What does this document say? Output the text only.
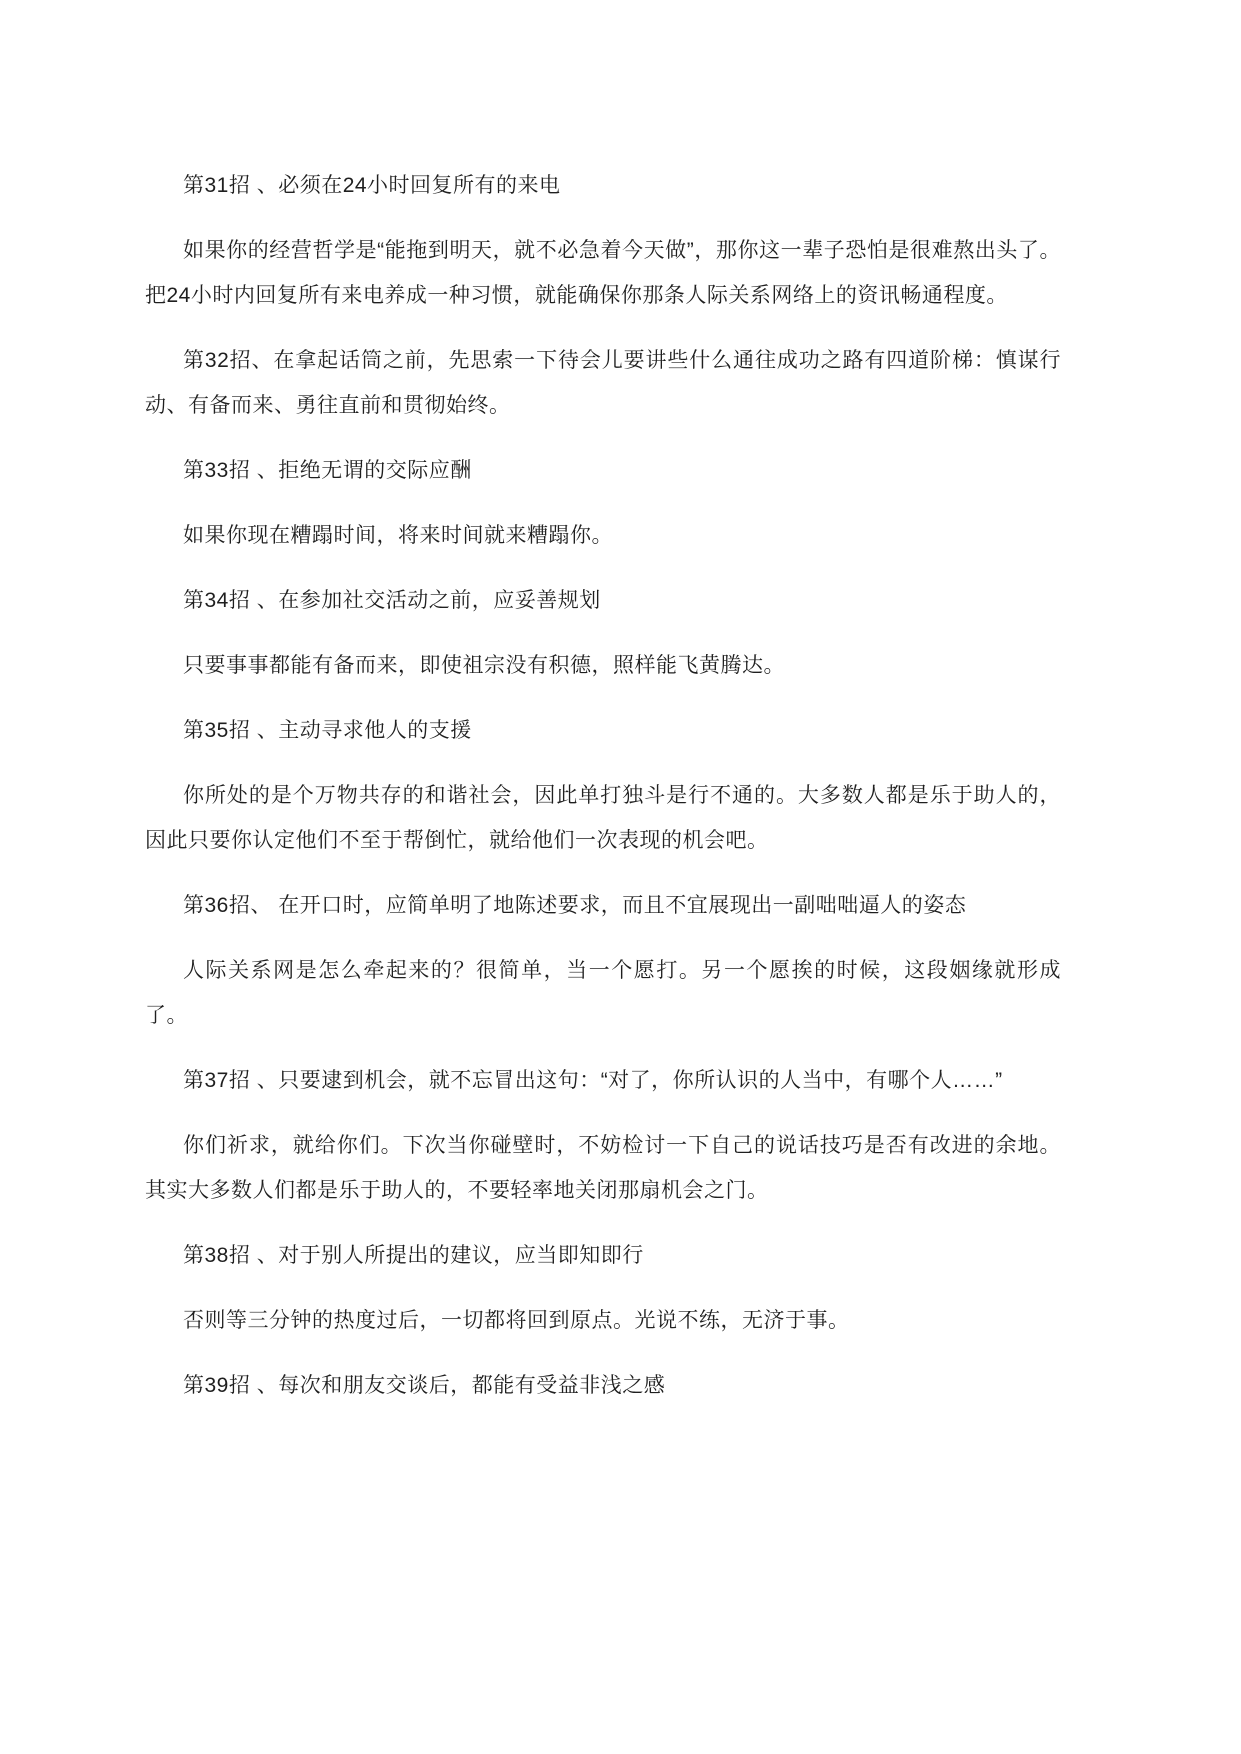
第31招 、必须在24小时回复所有的来电

如果你的经营哲学是“能拖到明天，就不必急着今天做”，那你这一辈子恐怕是很难熬出头了。把24小时内回复所有来电养成一种习惯，就能确保你那条人际关系网络上的资讯畅通程度。

第32招、在拿起话筒之前，先思索一下待会儿要讲些什么通往成功之路有四道阶梯：慎谋行动、有备而来、勇往直前和贯彻始终。

第33招 、拒绝无谓的交际应酬

如果你现在糟蹋时间，将来时间就来糟蹋你。

第34招 、在参加社交活动之前，应妥善规划

只要事事都能有备而来，即使祖宗没有积德，照样能飞黄腾达。

第35招 、主动寻求他人的支援

你所处的是个万物共存的和谐社会，因此单打独斗是行不通的。大多数人都是乐于助人的，因此只要你认定他们不至于帮倒忙，就给他们一次表现的机会吧。

第36招、 在开口时，应简单明了地陈述要求，而且不宜展现出一副咄咄逼人的姿态

人际关系网是怎么牵起来的？很简单，当一个愿打。另一个愿挨的时候，这段姻缘就形成了。

第37招 、只要逮到机会，就不忘冒出这句：“对了，你所认识的人当中，有哪个人……”

你们祈求，就给你们。下次当你碰壁时，不妨检讨一下自己的说话技巧是否有改进的余地。其实大多数人们都是乐于助人的，不要轻率地关闭那扇机会之门。

第38招 、对于别人所提出的建议，应当即知即行

否则等三分钟的热度过后，一切都将回到原点。光说不练，无济于事。

第39招 、每次和朋友交谈后，都能有受益非浅之感
